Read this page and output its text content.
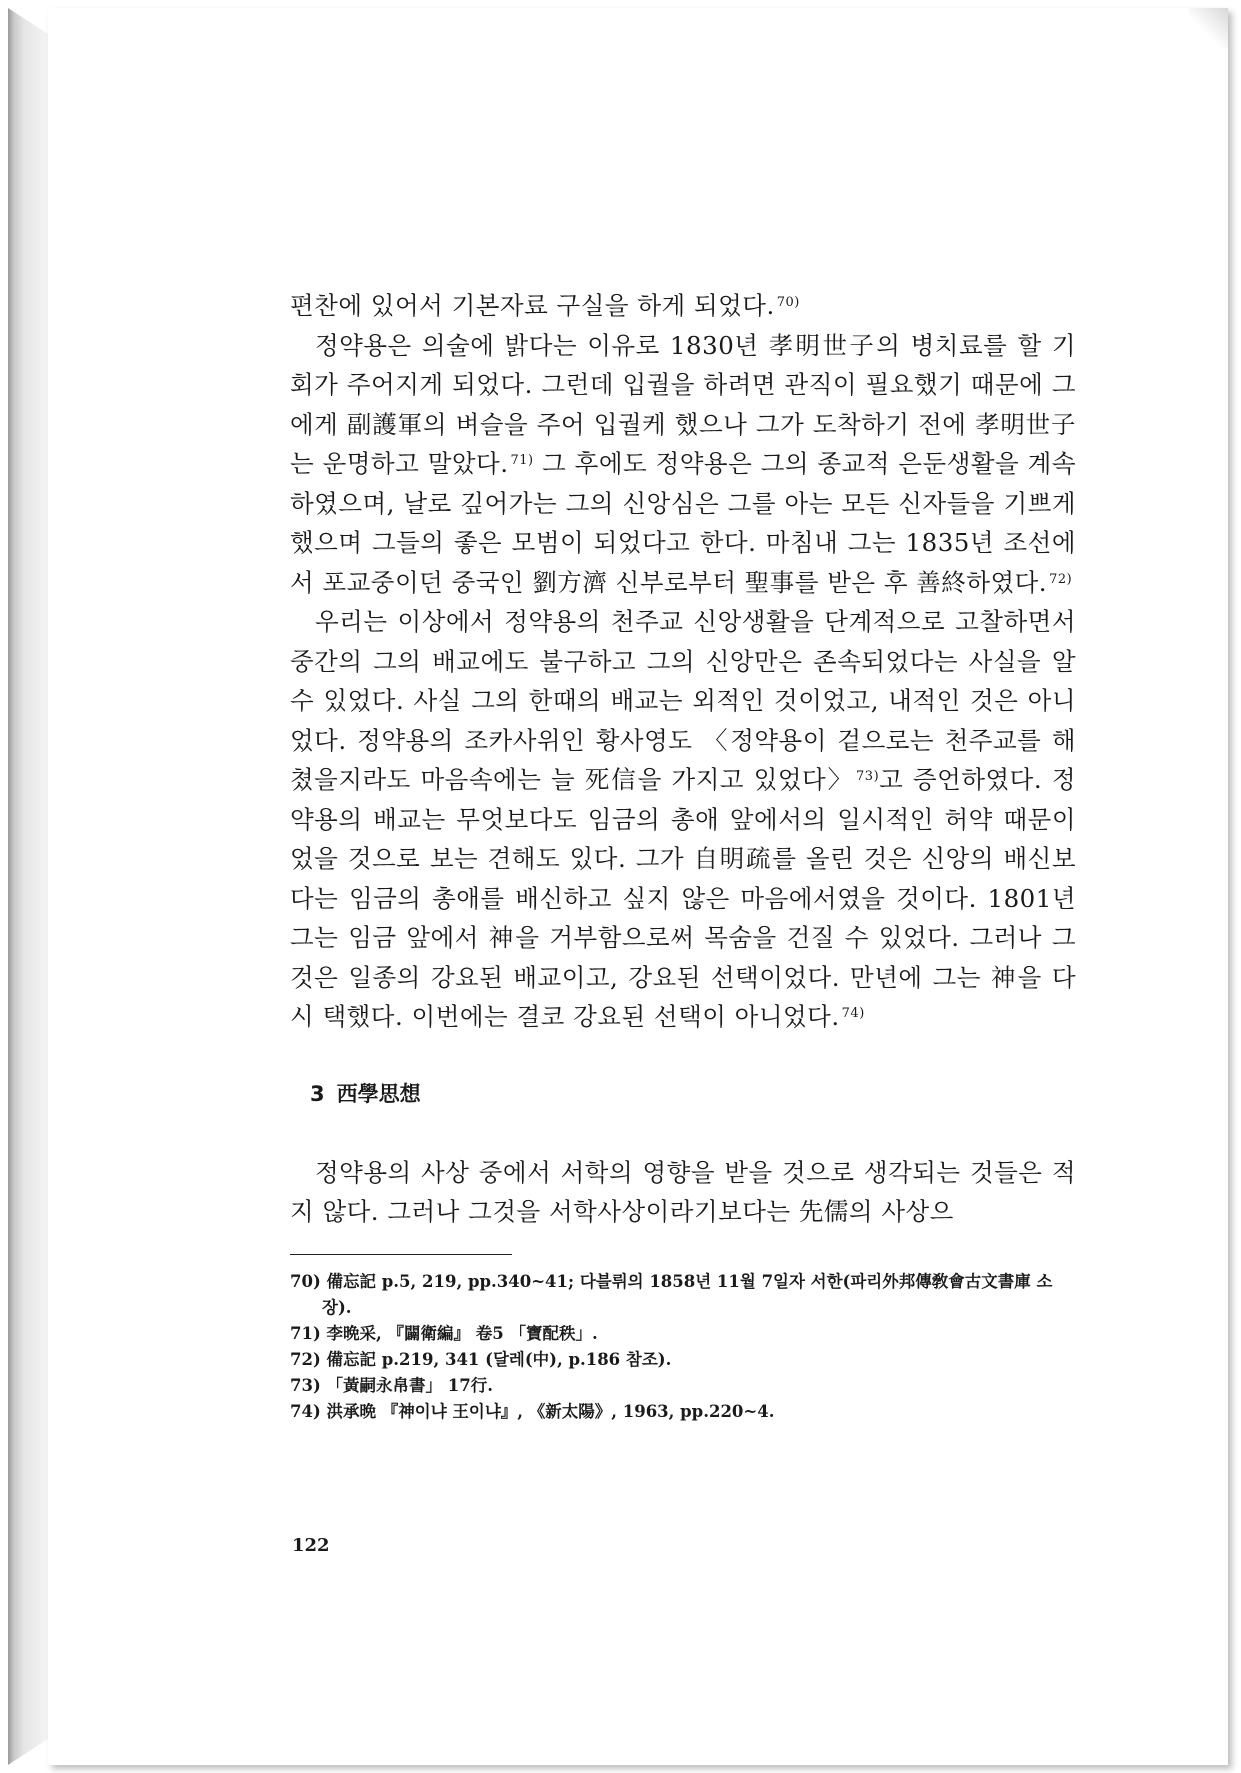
편찬에 있어서 기본자료 구실을 하게 되었다. $^{70)}$

정약용은 의술에 밝다는 이유로 1830년 孝明世子의 병치료를 할 기회가 주어지게 되었다. 그런데 입궐을 하려면 관직이 필요했기 때문에 그에게 副護軍의 벼슬을 주어 입궐케 했으나 그가 도착하기 전에 孝明世子는 운명하고 말았다. $^{71)}$ 그 후에도 정약용은 그의 종교적 은둔생활을 계속하였으며, 날로 깊어가는 그의 신앙심은 그를 아는 모든 신자들을 기쁘게 했으며 그들의 좋은 모범이 되었다고 한다. 마침내 그는 1835년 조선에서 포교중이던 중국인 劉方濟 신부로부터 聖事를 받은 후 善終하였다. $^{72)}$

우리는 이상에서 정약용의 천주교 신앙생활을 단계적으로 고찰하면서 중간의 그의 배교에도 불구하고 그의 신앙만은 존속되었다는 사실을 알 수 있었다. 사실 그의 한때의 배교는 외적인 것이었고, 내적인 것은 아니었다. 정약용의 조카사위인 황사영도 〈정약용이 겉으로는 천주교를 해쳤을지라도 마음속에는 늘 死信을 가지고 있었다〉 $^{73)}$고 증언하였다. 정약용의 배교는 무엇보다도 임금의 총애 앞에서의 일시적인 허약 때문이었을 것으로 보는 견해도 있다. 그가 自明疏를 올린 것은 신앙의 배신보다는 임금의 총애를 배신하고 싶지 않은 마음에서였을 것이다. 1801년 그는 임금 앞에서 神을 거부함으로써 목숨을 건질 수 있었다. 그러나 그것은 일종의 강요된 배교이고, 강요된 선택이었다. 만년에 그는 神을 다시 택했다. 이번에는 결코 강요된 선택이 아니었다. $^{74)}$

3 西學思想

정약용의 사상 중에서 서학의 영향을 받을 것으로 생각되는 것들은 적지 않다. 그러나 그것을 서학사상이라기보다는 先儒의 사상으

70) 備忘記 p.5, 219, pp.340~41; 다블뤼의 1858년 11월 7일자 서한(파리外邦傳敎會古文書庫 소장).
71) 李晩采, 『闢衛編』 卷5 「寶配秩」.
72) 備忘記 p.219, 341 (달레(中), p.186 참조).
73) 「黃嗣永帛書」 17行.
74) 洪承晩 『神이냐 王이냐』, 《新太陽》, 1963, pp.220~4.
122
